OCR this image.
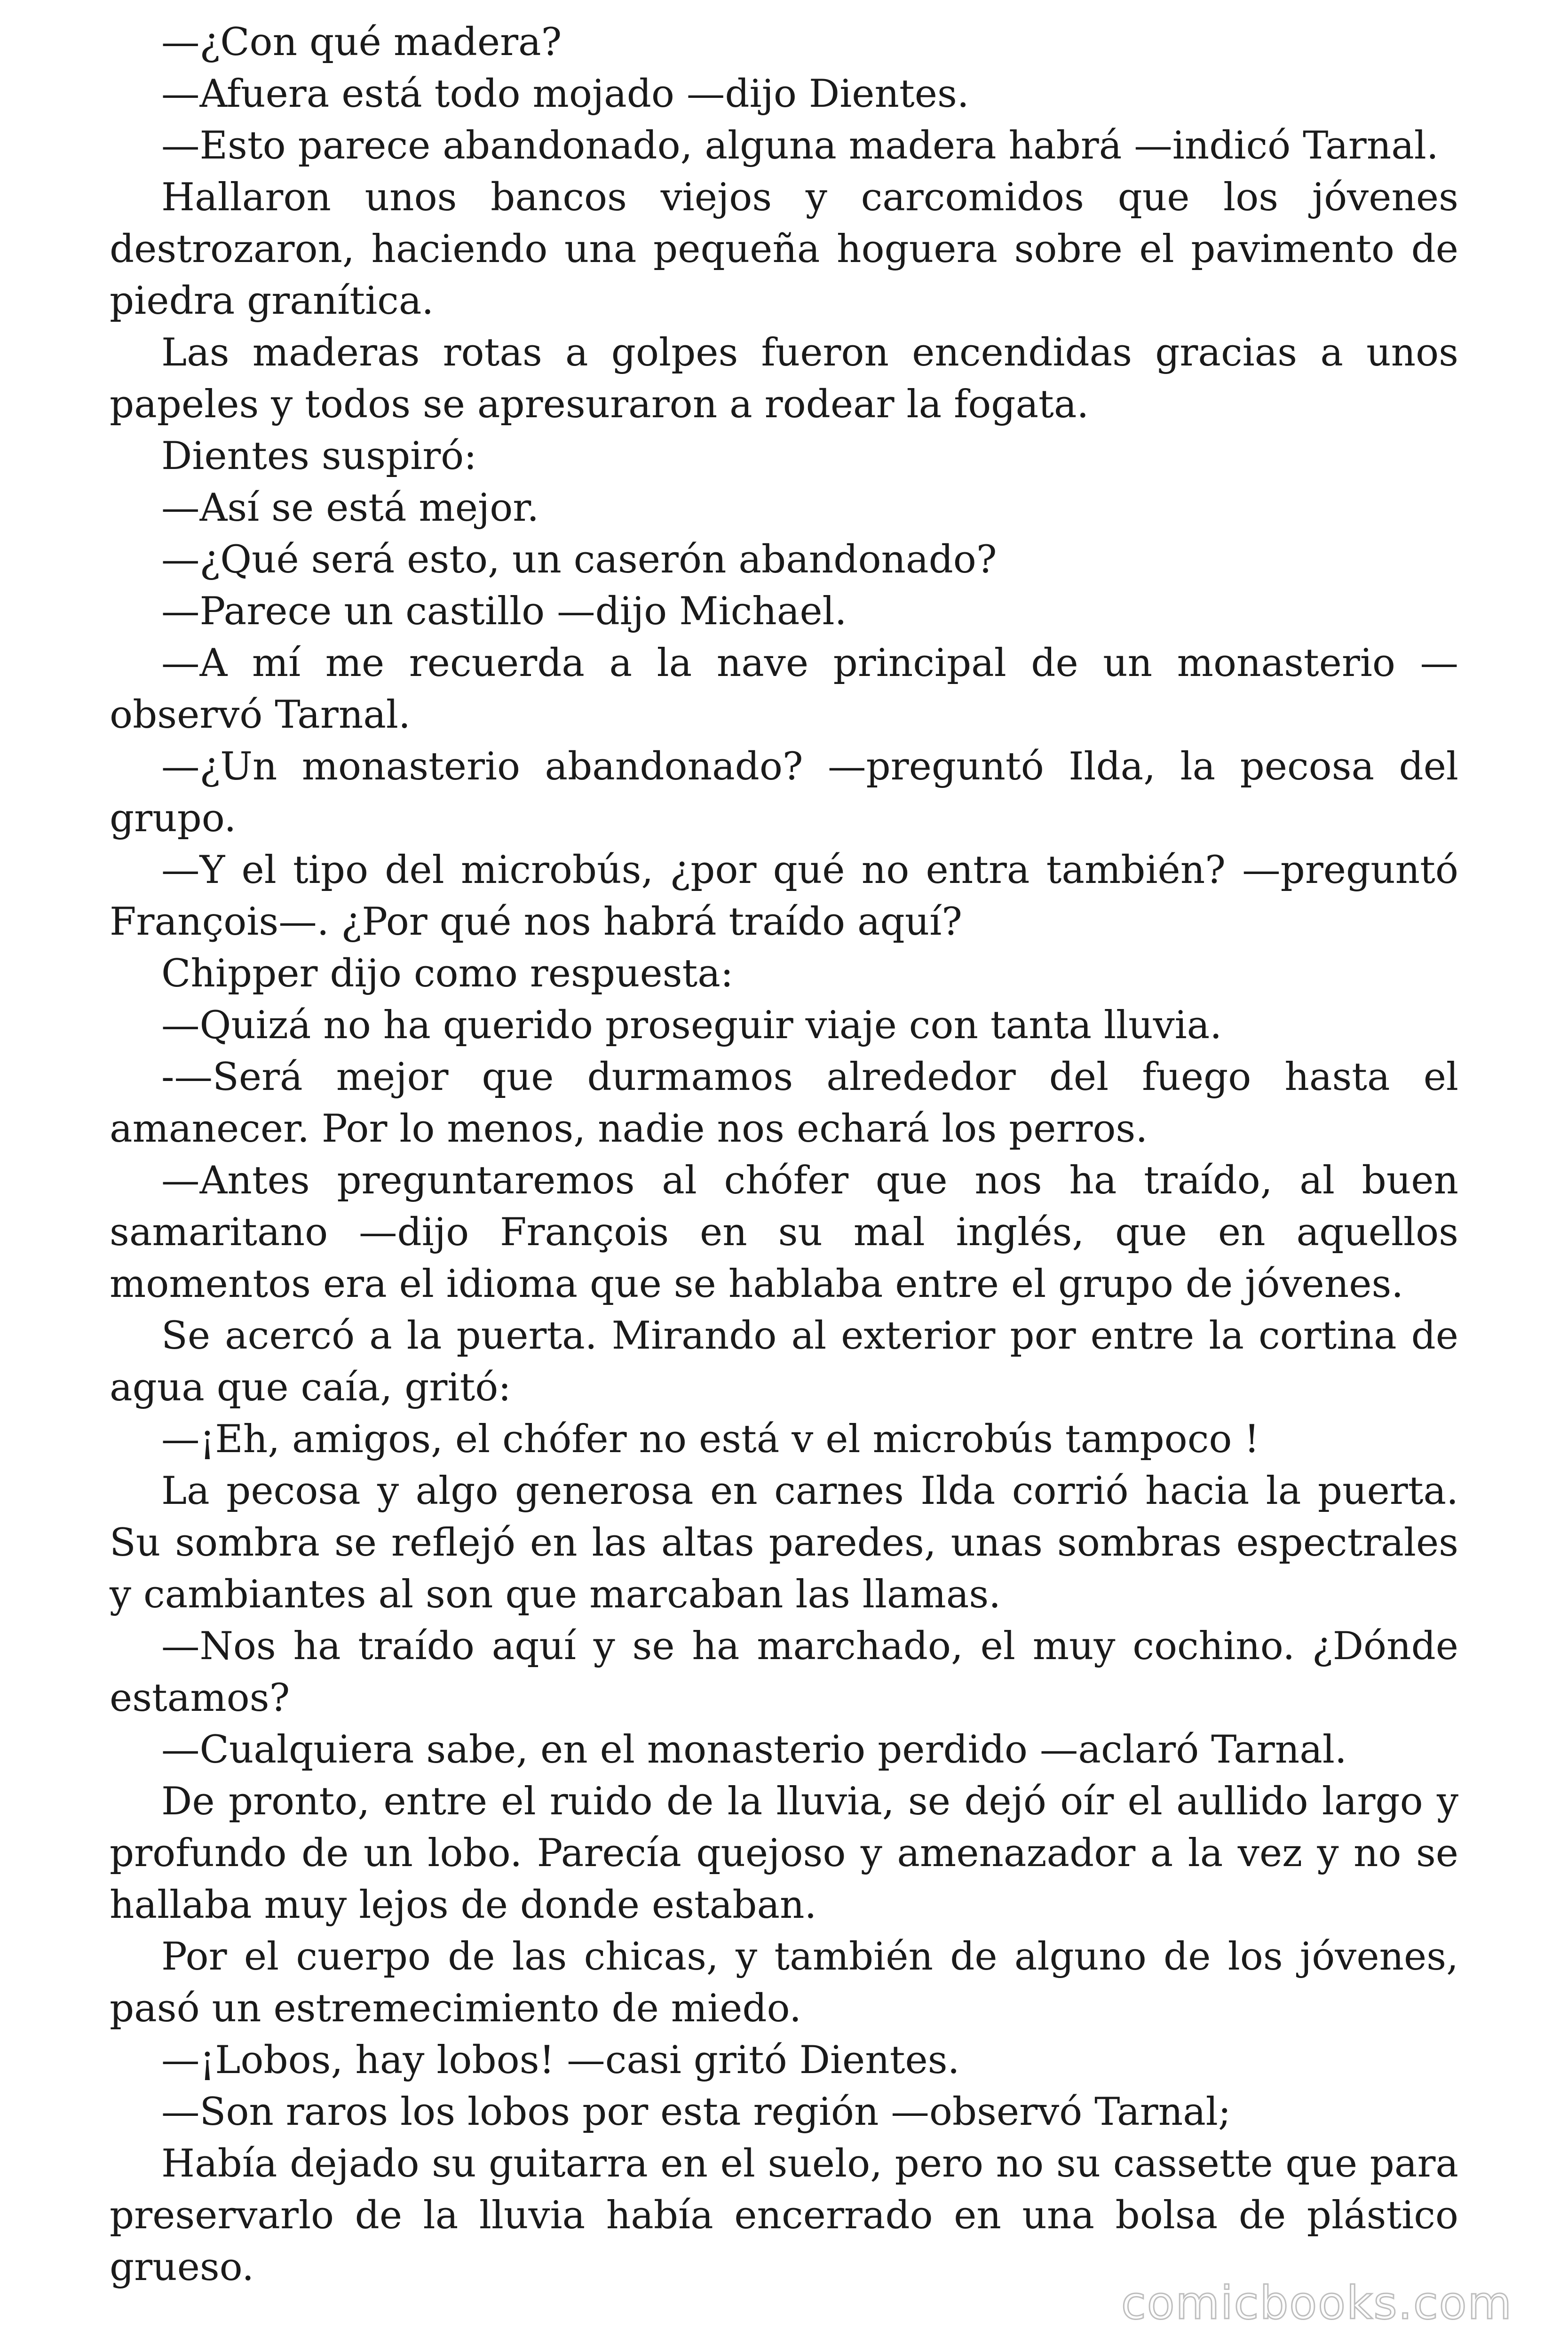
—¿Con qué madera?

—Afuera está todo mojado —dijo Dientes.

—Esto parece abandonado, alguna madera habrá —indicó Tarnal.

Hallaron unos bancos viejos y carcomidos que los jóvenes destrozaron, haciendo una pequeña hoguera sobre el pavimento de piedra granítica.

Las maderas rotas a golpes fueron encendidas gracias a unos papeles y todos se apresuraron a rodear la fogata.

Dientes suspiró:

—Así se está mejor.

—¿Qué será esto, un caserón abandonado?

—Parece un castillo —dijo Michael.

—A mí me recuerda a la nave principal de un monasterio —observó Tarnal.

—¿Un monasterio abandonado? —preguntó Ilda, la pecosa del grupo.

—Y el tipo del microbús, ¿por qué no entra también? —preguntó François—. ¿Por qué nos habrá traído aquí?

Chipper dijo como respuesta:

—Quizá no ha querido proseguir viaje con tanta lluvia.

-—Será mejor que durmamos alrededor del fuego hasta el amanecer. Por lo menos, nadie nos echará los perros.

—Antes preguntaremos al chófer que nos ha traído, al buen samaritano —dijo François en su mal inglés, que en aquellos momentos era el idioma que se hablaba entre el grupo de jóvenes.

Se acercó a la puerta. Mirando al exterior por entre la cortina de agua que caía, gritó:

—¡Eh, amigos, el chófer no está v el microbús tampoco !

La pecosa y algo generosa en carnes Ilda corrió hacia la puerta. Su sombra se reflejó en las altas paredes, unas sombras espectrales y cambiantes al son que marcaban las llamas.

—Nos ha traído aquí y se ha marchado, el muy cochino. ¿Dónde estamos?

—Cualquiera sabe, en el monasterio perdido —aclaró Tarnal.

De pronto, entre el ruido de la lluvia, se dejó oír el aullido largo y profundo de un lobo. Parecía quejoso y amenazador a la vez y no se hallaba muy lejos de donde estaban.

Por el cuerpo de las chicas, y también de alguno de los jóvenes, pasó un estremecimiento de miedo.

—¡Lobos, hay lobos! —casi gritó Dientes.

—Son raros los lobos por esta región —observó Tarnal;

Había dejado su guitarra en el suelo, pero no su cassette que para preservarlo de la lluvia había encerrado en una bolsa de plástico grueso.

comicbooks.com
